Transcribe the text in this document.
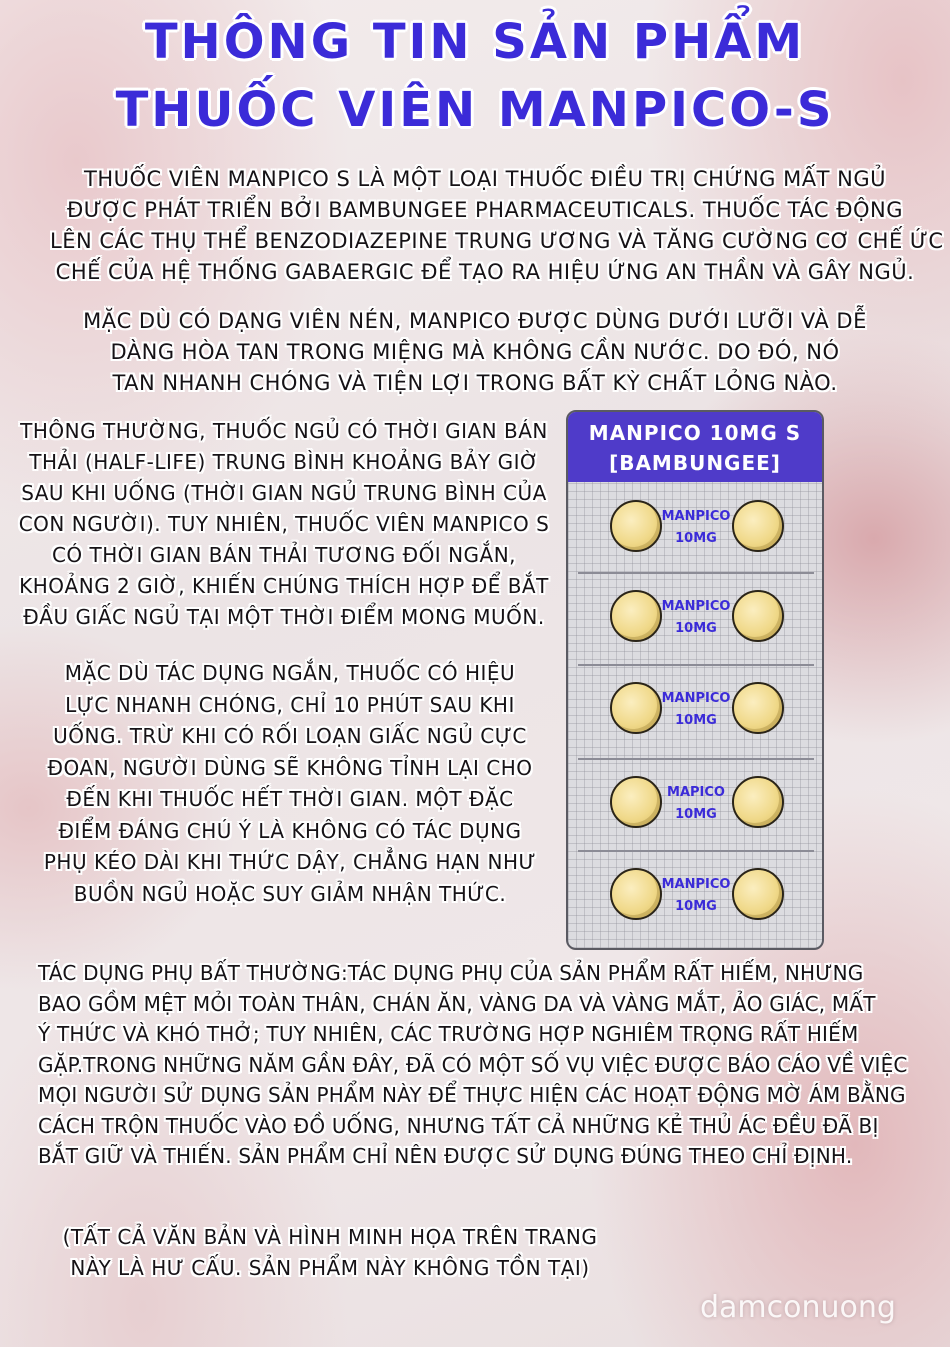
THÔNG TIN SẢN PHẨM
THUỐC VIÊN MANPICO-S
THUỐC VIÊN MANPICO S LÀ MỘT LOẠI THUỐC ĐIỀU TRỊ CHỨNG MẤT NGỦ
ĐƯỢC PHÁT TRIỂN BỞI BAMBUNGEE PHARMACEUTICALS. THUỐC TÁC ĐỘNG
LÊN CÁC THỤ THỂ BENZODIAZEPINE TRUNG ƯƠNG VÀ TĂNG CƯỜNG CƠ CHẾ ỨC
CHẾ CỦA HỆ THỐNG GABAERGIC ĐỂ TẠO RA HIỆU ỨNG AN THẦN VÀ GÂY NGỦ.
MẶC DÙ CÓ DẠNG VIÊN NÉN, MANPICO ĐƯỢC DÙNG DƯỚI LƯỠI VÀ DỄ
DÀNG HÒA TAN TRONG MIỆNG MÀ KHÔNG CẦN NƯỚC. DO ĐÓ, NÓ
TAN NHANH CHÓNG VÀ TIỆN LỢI TRONG BẤT KỲ CHẤT LỎNG NÀO.
THÔNG THƯỜNG, THUỐC NGỦ CÓ THỜI GIAN BÁN
THẢI (HALF-LIFE) TRUNG BÌNH KHOẢNG BẢY GIỜ
SAU KHI UỐNG (THỜI GIAN NGỦ TRUNG BÌNH CỦA
CON NGƯỜI). TUY NHIÊN, THUỐC VIÊN MANPICO S
CÓ THỜI GIAN BÁN THẢI TƯƠNG ĐỐI NGẮN,
KHOẢNG 2 GIỜ, KHIẾN CHÚNG THÍCH HỢP ĐỂ BẮT
ĐẦU GIẤC NGỦ TẠI MỘT THỜI ĐIỂM MONG MUỐN.
MẶC DÙ TÁC DỤNG NGẮN, THUỐC CÓ HIỆU
LỰC NHANH CHÓNG, CHỈ 10 PHÚT SAU KHI
UỐNG. TRỪ KHI CÓ RỐI LOẠN GIẤC NGỦ CỰC
ĐOAN, NGƯỜI DÙNG SẼ KHÔNG TỈNH LẠI CHO
ĐẾN KHI THUỐC HẾT THỜI GIAN. MỘT ĐẶC
ĐIỂM ĐÁNG CHÚ Ý LÀ KHÔNG CÓ TÁC DỤNG
PHỤ KÉO DÀI KHI THỨC DẬY, CHẲNG HẠN NHƯ
BUỒN NGỦ HOẶC SUY GIẢM NHẬN THỨC.
MANPICO 10MG S
[BAMBUNGEE]
MANPICO
10MG
MANPICO
10MG
MANPICO
10MG
MAPICO
10MG
MANPICO
10MG
TÁC DỤNG PHỤ BẤT THƯỜNG:TÁC DỤNG PHỤ CỦA SẢN PHẨM RẤT HIẾM, NHƯNG
BAO GỒM MỆT MỎI TOÀN THÂN, CHÁN ĂN, VÀNG DA VÀ VÀNG MẮT, ẢO GIÁC, MẤT
Ý THỨC VÀ KHÓ THỞ; TUY NHIÊN, CÁC TRƯỜNG HỢP NGHIÊM TRỌNG RẤT HIẾM
GẶP.TRONG NHỮNG NĂM GẦN ĐÂY, ĐÃ CÓ MỘT SỐ VỤ VIỆC ĐƯỢC BÁO CÁO VỀ VIỆC
MỌI NGƯỜI SỬ DỤNG SẢN PHẨM NÀY ĐỂ THỰC HIỆN CÁC HOẠT ĐỘNG MỜ ÁM BẰNG
CÁCH TRỘN THUỐC VÀO ĐỒ UỐNG, NHƯNG TẤT CẢ NHỮNG KẺ THỦ ÁC ĐỀU ĐÃ BỊ
BẮT GIỮ VÀ THIẾN. SẢN PHẨM CHỈ NÊN ĐƯỢC SỬ DỤNG ĐÚNG THEO CHỈ ĐỊNH.
(TẤT CẢ VĂN BẢN VÀ HÌNH MINH HỌA TRÊN TRANG
NÀY LÀ HƯ CẤU. SẢN PHẨM NÀY KHÔNG TỒN TẠI)
damconuong
